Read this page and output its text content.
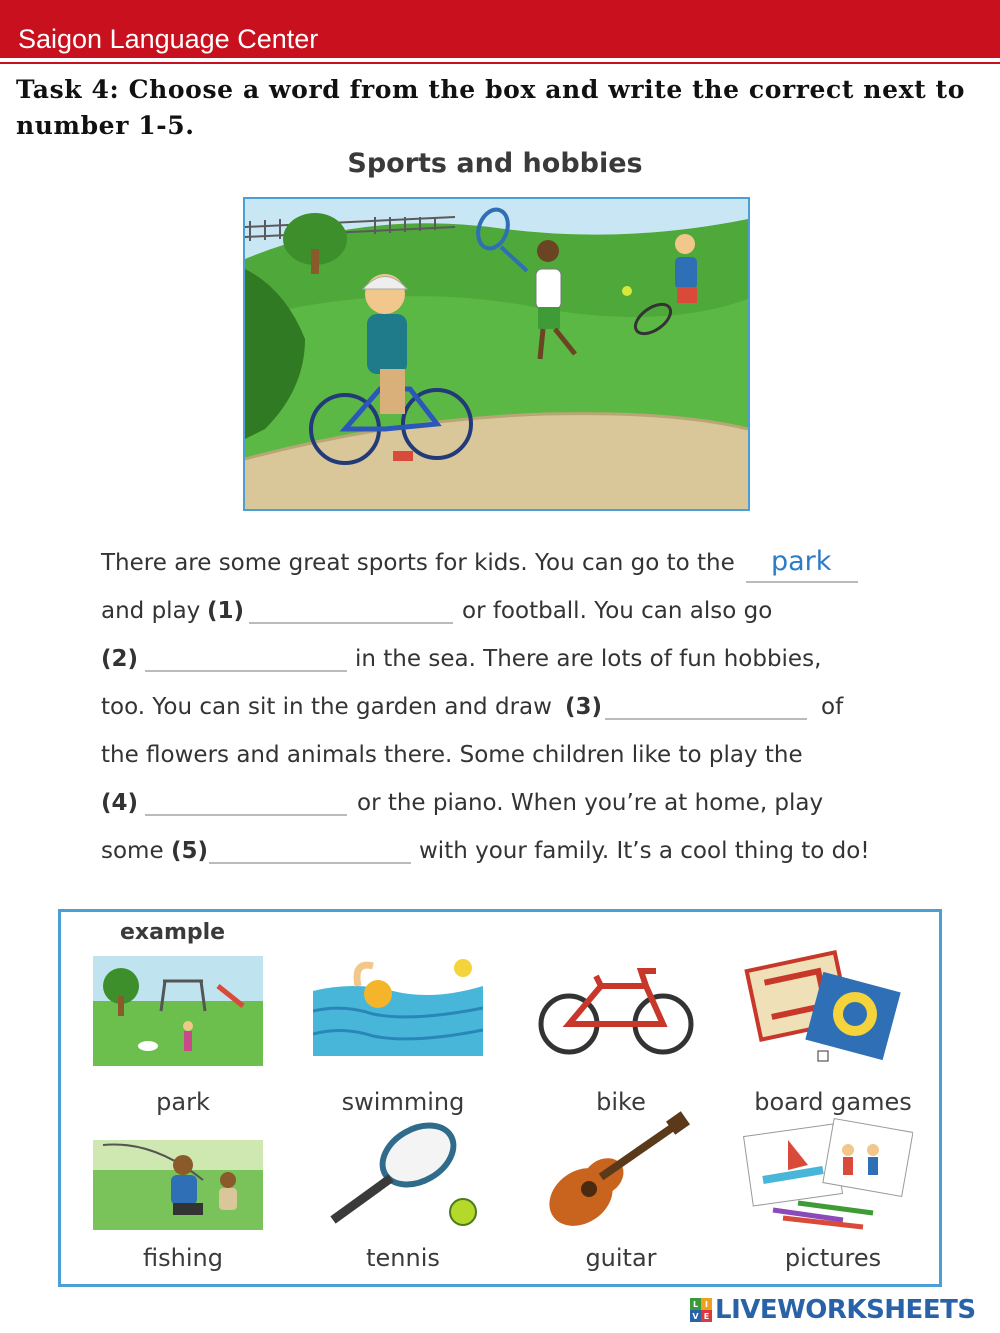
Saigon Language Center
Task 4: Choose a word from the box and write the correct next to number 1-5.
Sports and hobbies
There are some great sports for kids. You can go to the park
and play (1)	or football. You can also go
(2)	in the sea. There are lots of fun hobbies,
too. You can sit in the garden and draw (3)	of
the flowers and animals there. Some children like to play the
(4)	or the piano. When you’re at home, play
some (5)	with your family. It’s a cool thing to do!
example
park	swimming	bike	board games
fishing	tennis	guitar	pictures
L I
V E LIVEWORKSHEETS
